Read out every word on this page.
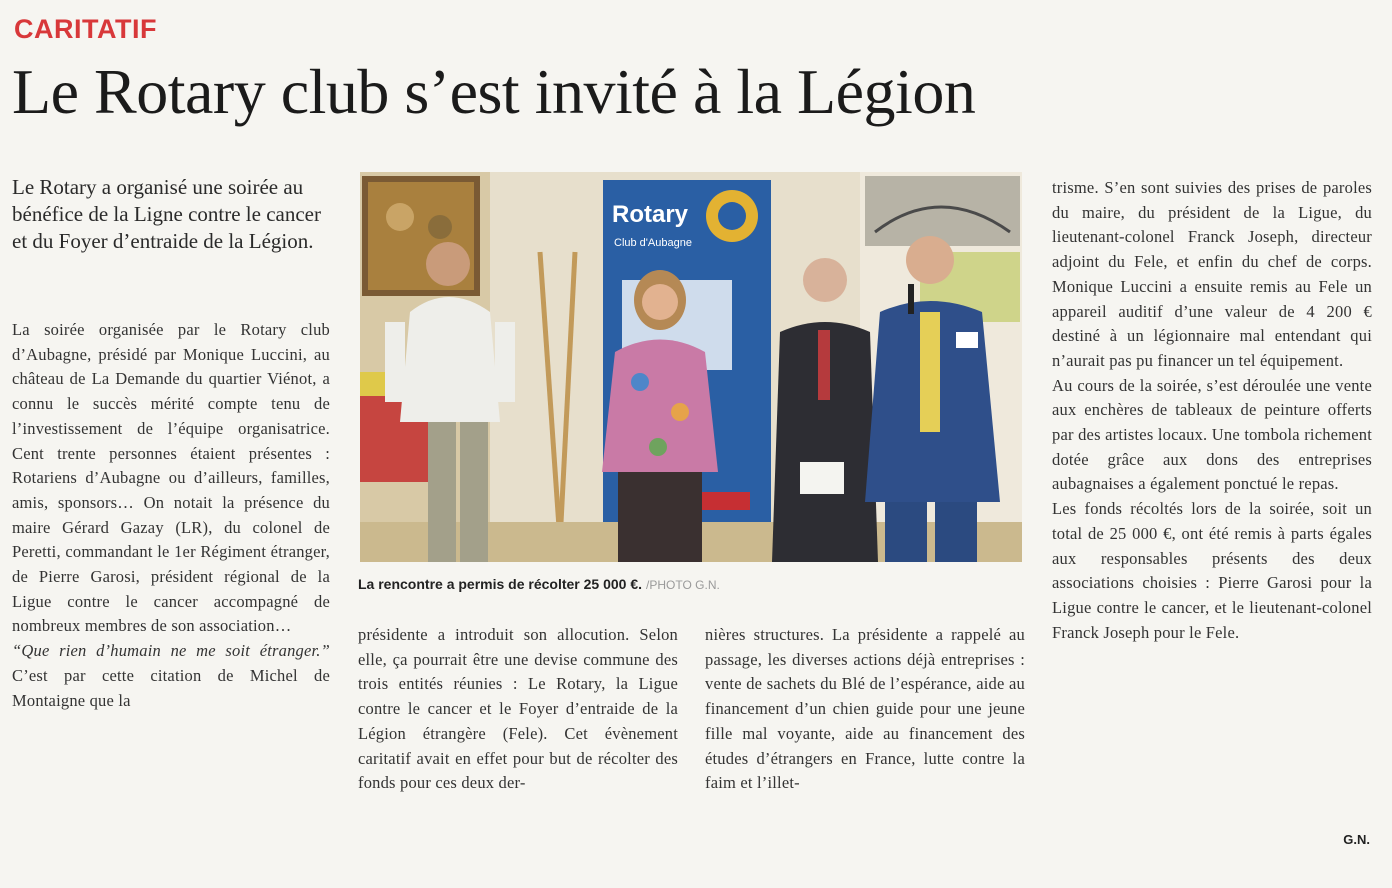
CARITATIF
Le Rotary club s’est invité à la Légion
Le Rotary a organisé une soirée au bénéfice de la Ligne contre le cancer et du Foyer d’entraide de la Légion.

La soirée organisée par le Rotary club d’Aubagne, présidé par Monique Luccini, au château de La Demande du quartier Viénot, a connu le succès mérité compte tenu de l’investissement de l’équipe organisatrice. Cent trente personnes étaient présentes : Rotariens d’Aubagne ou d’ailleurs, familles, amis, sponsors… On notait la présence du maire Gérard Gazay (LR), du colonel de Peretti, commandant le 1er Régiment étranger, de Pierre Garosi, président régional de la Ligue contre le cancer accompagné de nombreux membres de son association…

“Que rien d’humain ne me soit étranger.” C’est par cette citation de Michel de Montaigne que la

Rotary
Club d'Aubagne
La rencontre a permis de récolter 25 000 €. /PHOTO G.N.

présidente a introduit son allocution. Selon elle, ça pourrait être une devise commune des trois entités réunies : Le Rotary, la Ligue contre le cancer et le Foyer d’entraide de la Légion étrangère (Fele). Cet évènement caritatif avait en effet pour but de récolter des fonds pour ces deux der-

nières structures. La présidente a rappelé au passage, les diverses actions déjà entreprises : vente de sachets du Blé de l’espérance, aide au financement d’un chien guide pour une jeune fille mal voyante, aide au financement des études d’étrangers en France, lutte contre la faim et l’illet-

trisme. S’en sont suivies des prises de paroles du maire, du président de la Ligue, du lieutenant-colonel Franck Joseph, directeur adjoint du Fele, et enfin du chef de corps. Monique Luccini a ensuite remis au Fele un appareil auditif d’une valeur de 4 200 € destiné à un légionnaire mal entendant qui n’aurait pas pu financer un tel équipement.

Au cours de la soirée, s’est déroulée une vente aux enchères de tableaux de peinture offerts par des artistes locaux. Une tombola richement dotée grâce aux dons des entreprises aubagnaises a également ponctué le repas.

Les fonds récoltés lors de la soirée, soit un total de 25 000 €, ont été remis à parts égales aux responsables présents des deux associations choisies : Pierre Garosi pour la Ligue contre le cancer, et le lieutenant-colonel Franck Joseph pour le Fele.

G.N.
